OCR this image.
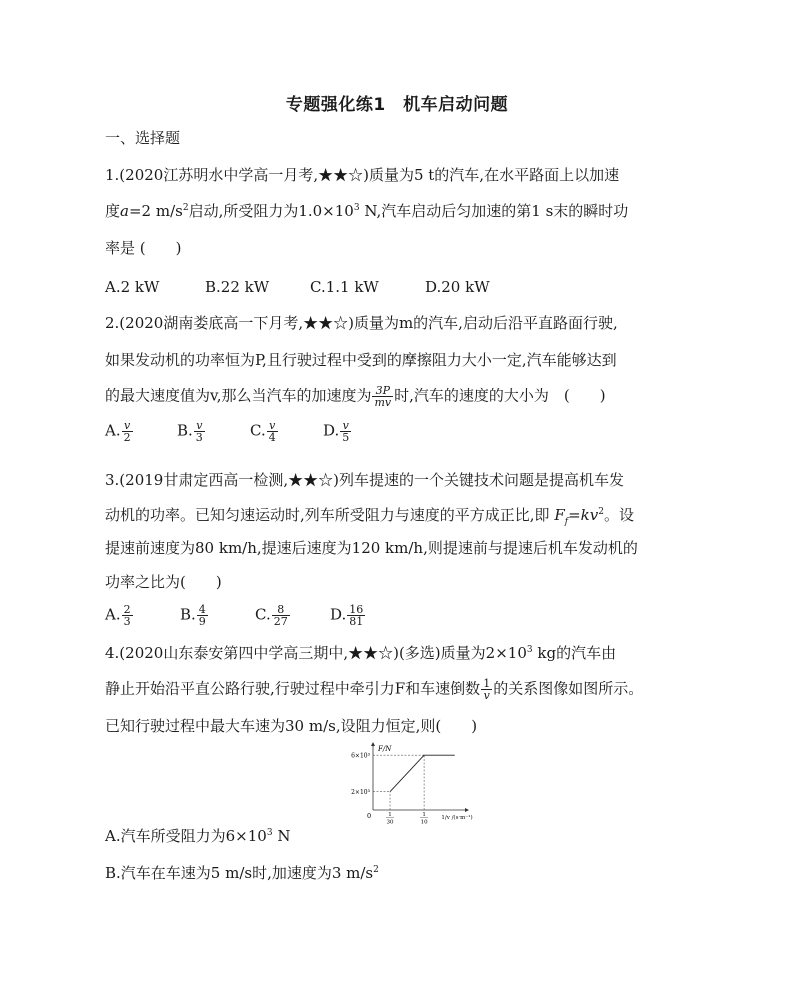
专题强化练1　机车启动问题
一、选择题
1.(2020江苏明水中学高一月考,★★☆)质量为5 t的汽车,在水平路面上以加速
度a=2 $m/s^2$启动,所受阻力为$1.0\times 10^3$ N,汽车启动后匀加速的第1 s末的瞬时功
率是 (　　)
A.2 kW	B.22 kW	C.1.1 kW	D.20 kW
2.(2020湖南娄底高一下月考,★★☆)质量为m的汽车,启动后沿平直路面行驶,
如果发动机的功率恒为P,且行驶过程中受到的摩擦阻力大小一定,汽车能够达到
的最大速度值为v,那么当汽车的加速度为 $\frac{3P}{mv}$ 时,汽车的速度的大小为　(　　)
A. $\frac{v}{2}$	B. $\frac{v}{3}$	C. $\frac{v}{4}$	D. $\frac{v}{5}$
3.(2019甘肃定西高一检测,★★☆)列车提速的一个关键技术问题是提高机车发
动机的功率。已知匀速运动时,列车所受阻力与速度的平方成正比,即 $F_f=kv^2$。设
提速前速度为80 km/h,提速后速度为120 km/h,则提速前与提速后机车发动机的
功率之比为(　　)
A. $\frac{2}{3}$	B. $\frac{4}{9}$	C. $\frac{8}{27}$	D. $\frac{16}{81}$
4.(2020山东泰安第四中学高三期中,★★☆)(多选)质量为$2\times 10^3$ kg的汽车由
静止开始沿平直公路行驶,行驶过程中牵引力F和车速倒数 $\frac{1}{v}$ 的关系图像如图所示。
已知行驶过程中最大车速为30 m/s,设阻力恒定,则(　　)
6×10³
2×10³
1
30
1
10
1/v /(s·m⁻¹)
F/N
0
A.汽车所受阻力为$6\times 10^3$ N
B.汽车在车速为5 m/s时,加速度为3 $m/s^2$
